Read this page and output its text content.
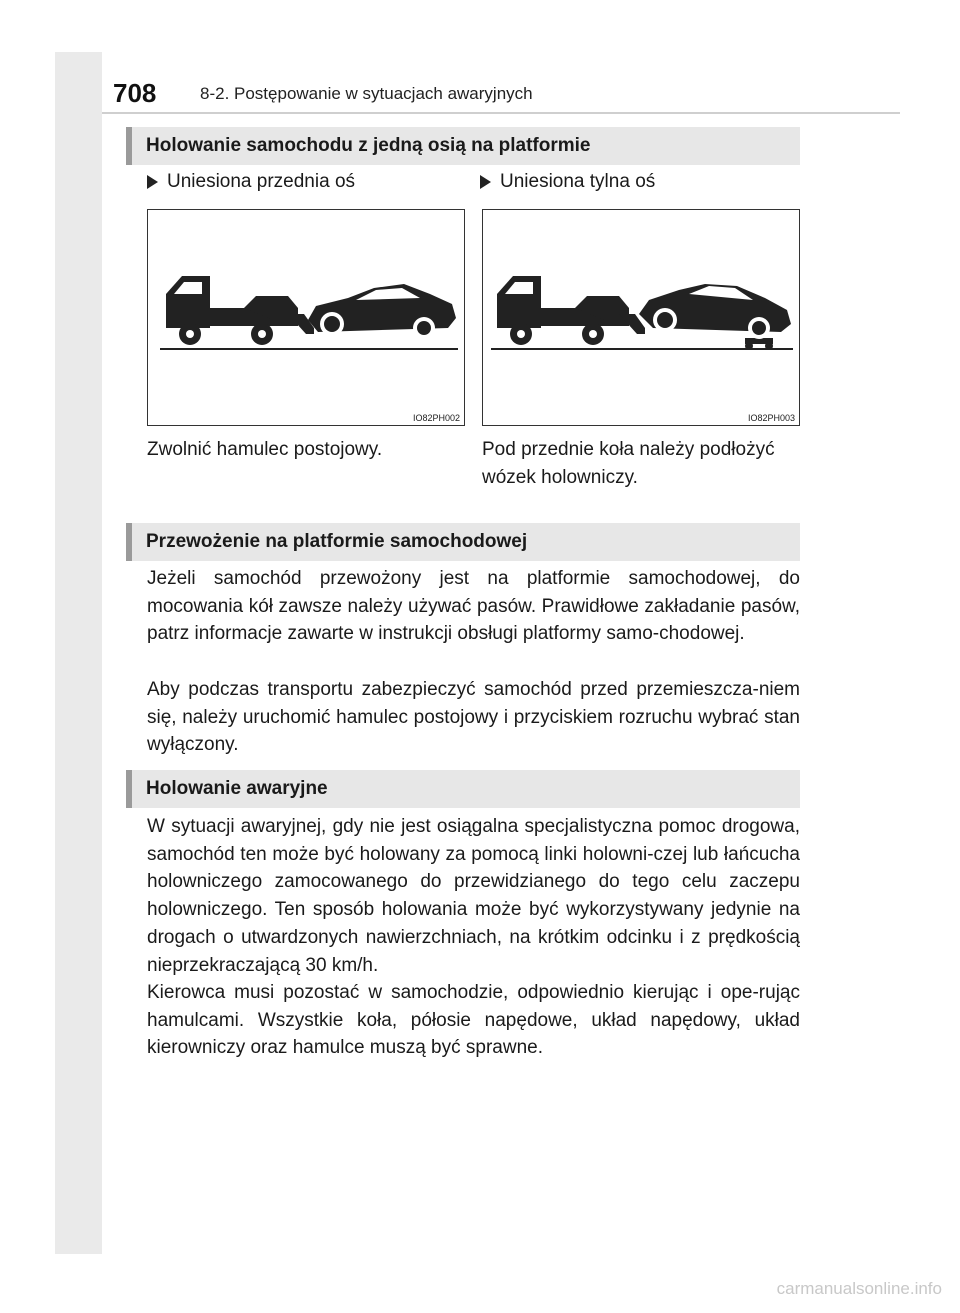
708	8-2. Postępowanie w sytuacjach awaryjnych
Holowanie samochodu z jedną osią na platformie
Uniesiona przednia oś	Uniesiona tylna oś
IO82PH002	IO82PH003
Zwolnić hamulec postojowy.	Pod przednie koła należy podłożyć
wózek holowniczy.
Przewożenie na platformie samochodowej

Jeżeli samochód przewożony jest na platformie samochodowej, do mocowania kół zawsze należy używać pasów. Prawidłowe zakładanie pasów, patrz informacje zawarte w instrukcji obsługi platformy samo-chodowej.

Aby podczas transportu zabezpieczyć samochód przed przemieszcza-niem się, należy uruchomić hamulec postojowy i przyciskiem rozruchu wybrać stan wyłączony.

Holowanie awaryjne

W sytuacji awaryjnej, gdy nie jest osiągalna specjalistyczna pomoc drogowa, samochód ten może być holowany za pomocą linki holowni-czej lub łańcucha holowniczego zamocowanego do przewidzianego do tego celu zaczepu holowniczego. Ten sposób holowania może być wykorzystywany jedynie na drogach o utwardzonych nawierzchniach, na krótkim odcinku i z prędkością nieprzekraczającą 30 km/h.

Kierowca musi pozostać w samochodzie, odpowiednio kierując i ope-rując hamulcami. Wszystkie koła, półosie napędowe, układ napędowy, układ kierowniczy oraz hamulce muszą być sprawne.

carmanualsonline.info
